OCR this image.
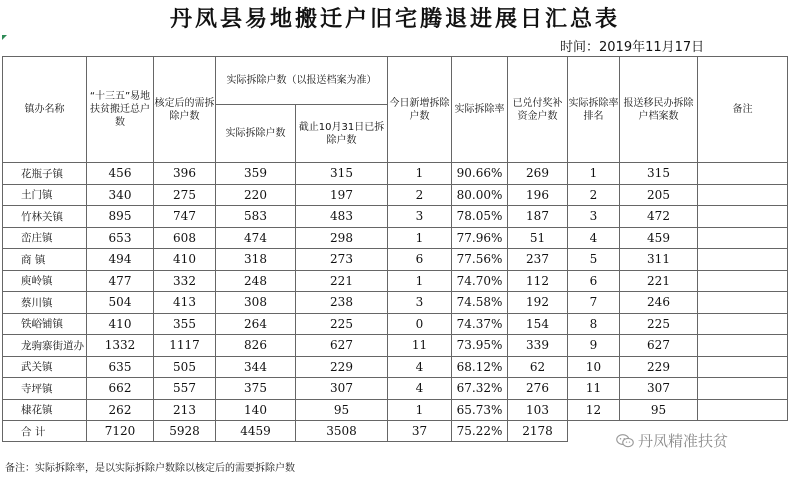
丹凤县易地搬迁户旧宅腾退进展日汇总表
时间：2019年11月17日
镇办名称	“十三五”易地扶贫搬迁总户数	核定后的需拆除户数	实际拆除户数（以报送档案为准）		今日新增拆除户数	实际拆除率	已兑付奖补资金户数	实际拆除率排名	报送移民办拆除户档案数	备注
			实际拆除户数	截止10月31日已拆除户数						
花瓶子镇	456	396	359	315	1	90.66%	269	1	315	
土门镇	340	275	220	197	2	80.00%	196	2	205	
竹林关镇	895	747	583	483	3	78.05%	187	3	472	
峦庄镇	653	608	474	298	1	77.96%	51	4	459	
商 镇	494	410	318	273	6	77.56%	237	5	311	
庾岭镇	477	332	248	221	1	74.70%	112	6	221	
蔡川镇	504	413	308	238	3	74.58%	192	7	246	
铁峪铺镇	410	355	264	225	0	74.37%	154	8	225	
龙驹寨街道办	1332	1117	826	627	11	73.95%	339	9	627	
武关镇	635	505	344	229	4	68.12%	62	10	229	
寺坪镇	662	557	375	307	4	67.32%	276	11	307	
棣花镇	262	213	140	95	1	65.73%	103	12	95	
合 计	7120	5928	4459	3508	37	75.22%	2178			
丹凤精准扶贫
备注：实际拆除率，是以实际拆除户数除以核定后的需要拆除户数
